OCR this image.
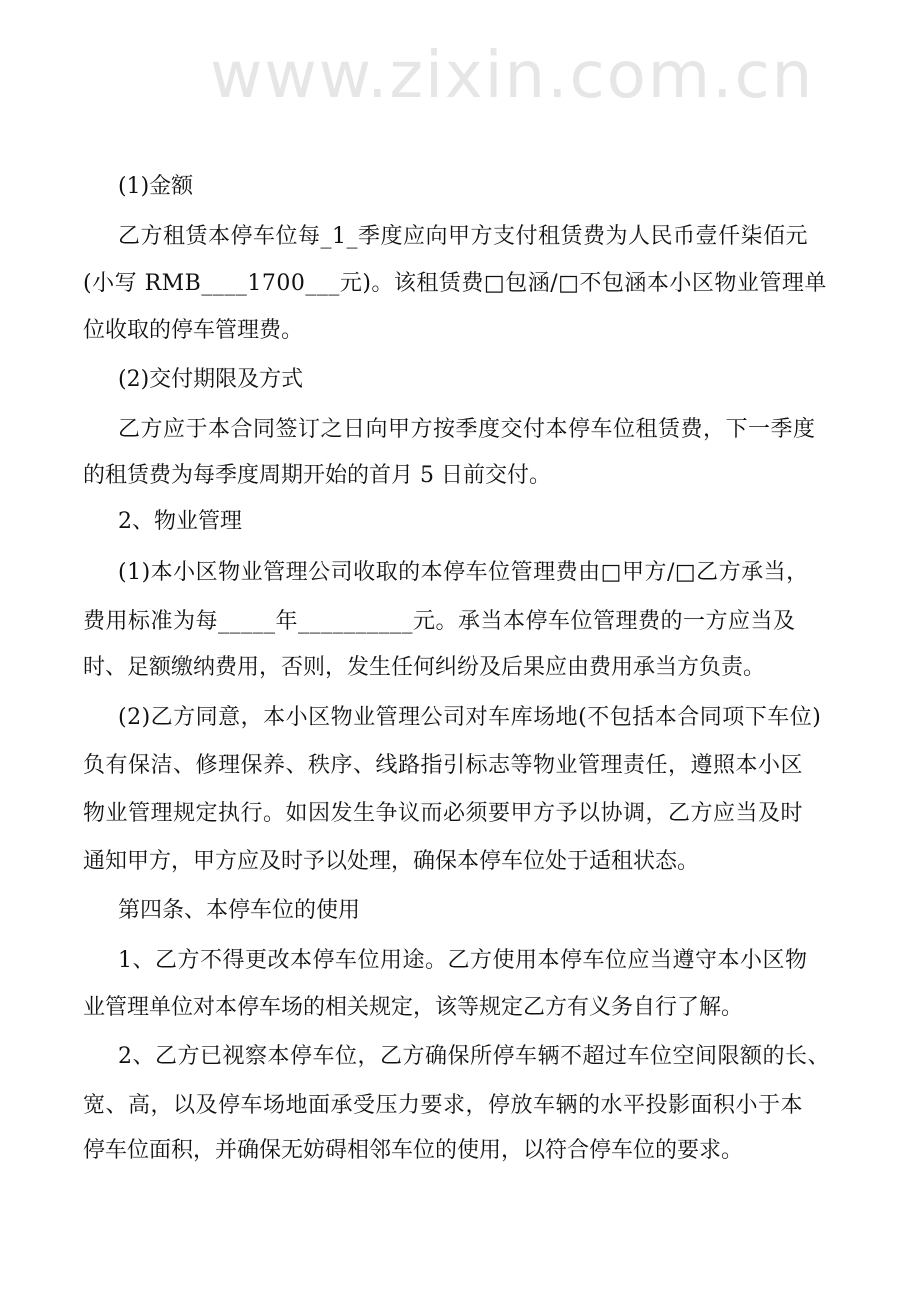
www.zixin.com.cn
(1)金额
乙方租赁本停车位每_1_季度应向甲方支付租赁费为人民币壹仟柒佰元
(小写 RMB____1700___元)。该租赁费□包涵/□不包涵本小区物业管理单
位收取的停车管理费。
(2)交付期限及方式
乙方应于本合同签订之日向甲方按季度交付本停车位租赁费，下一季度
的租赁费为每季度周期开始的首月 5 日前交付。
2、物业管理
(1)本小区物业管理公司收取的本停车位管理费由□甲方/□乙方承当，
费用标准为每_____年__________元。承当本停车位管理费的一方应当及
时、足额缴纳费用，否则，发生任何纠纷及后果应由费用承当方负责。
(2)乙方同意，本小区物业管理公司对车库场地(不包括本合同项下车位)
负有保洁、修理保养、秩序、线路指引标志等物业管理责任，遵照本小区
物业管理规定执行。如因发生争议而必须要甲方予以协调，乙方应当及时
通知甲方，甲方应及时予以处理，确保本停车位处于适租状态。
第四条、本停车位的使用
1、乙方不得更改本停车位用途。乙方使用本停车位应当遵守本小区物
业管理单位对本停车场的相关规定，该等规定乙方有义务自行了解。
2、乙方已视察本停车位，乙方确保所停车辆不超过车位空间限额的长、
宽、高，以及停车场地面承受压力要求，停放车辆的水平投影面积小于本
停车位面积，并确保无妨碍相邻车位的使用，以符合停车位的要求。
